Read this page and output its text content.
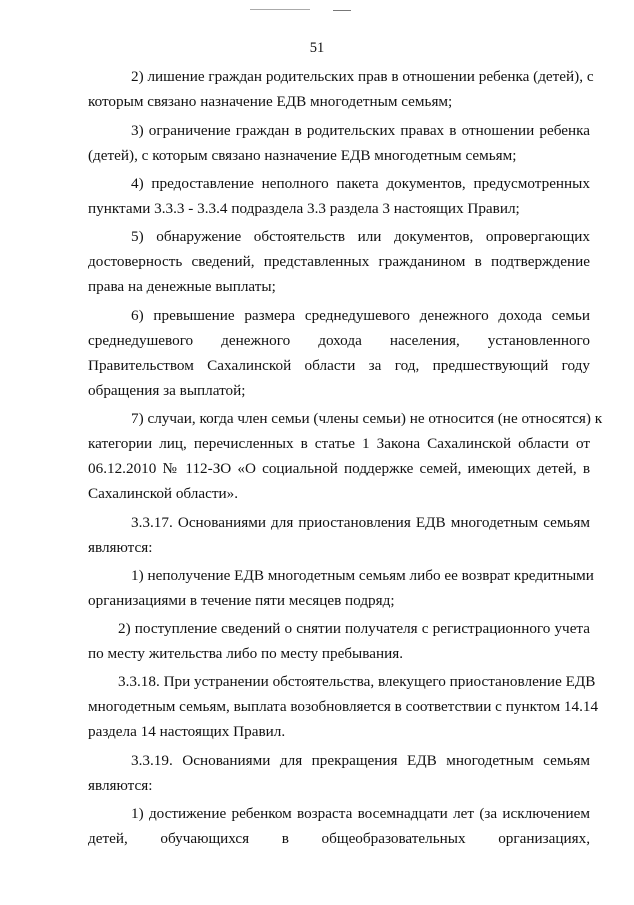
51
2) лишение граждан родительских прав в отношении ребенка (детей), с
которым связано назначение ЕДВ многодетным семьям;
3) ограничение граждан в родительских правах в отношении ребенка
(детей), с которым связано назначение ЕДВ многодетным семьям;
4) предоставление неполного пакета документов, предусмотренных
пунктами 3.3.3 - 3.3.4 подраздела 3.3 раздела 3 настоящих Правил;
5) обнаружение обстоятельств или документов, опровергающих
достоверность сведений, представленных гражданином в подтверждение
права на денежные выплаты;
6) превышение размера среднедушевого денежного дохода семьи
среднедушевого денежного дохода населения, установленного
Правительством Сахалинской области за год, предшествующий году
обращения за выплатой;
7) случаи, когда член семьи (члены семьи) не относится (не относятся) к
категории лиц, перечисленных в статье 1 Закона Сахалинской области от
06.12.2010 № 112-ЗО «О социальной поддержке семей, имеющих детей, в
Сахалинской области».
3.3.17. Основаниями для приостановления ЕДВ многодетным семьям
являются:
1) неполучение ЕДВ многодетным семьям либо ее возврат кредитными
организациями в течение пяти месяцев подряд;
2) поступление сведений о снятии получателя с регистрационного учета
по месту жительства либо по месту пребывания.
3.3.18. При устранении обстоятельства, влекущего приостановление ЕДВ
многодетным семьям, выплата возобновляется в соответствии с пунктом 14.14
раздела 14 настоящих Правил.
3.3.19. Основаниями для прекращения ЕДВ многодетным семьям
являются:
1) достижение ребенком возраста восемнадцати лет (за исключением
детей, обучающихся в общеобразовательных организациях,
